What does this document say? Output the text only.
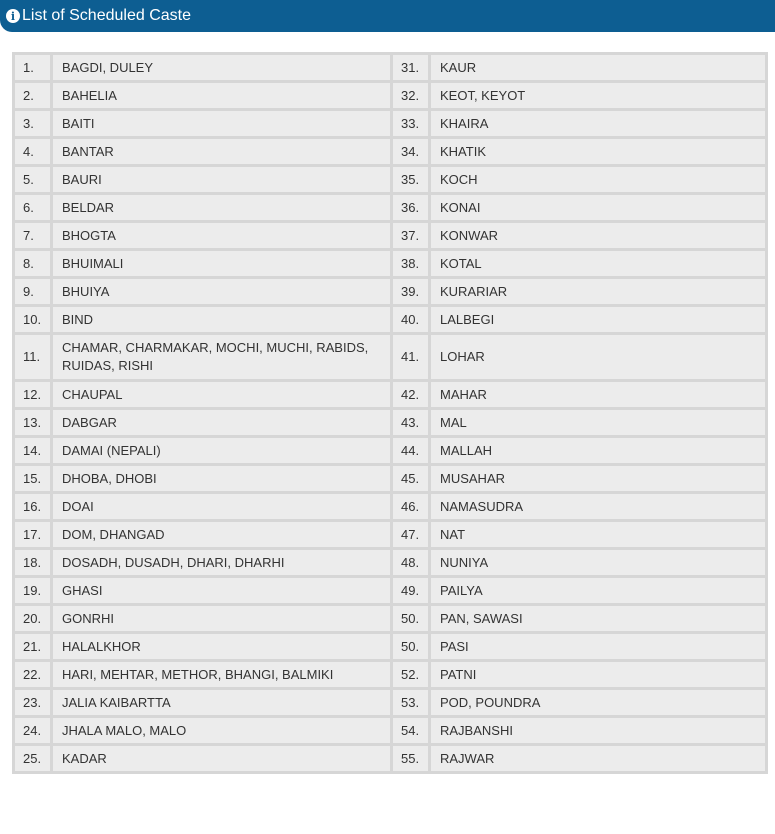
i List of Scheduled Caste
1.	BAGDI, DULEY	31.	KAUR
2.	BAHELIA	32.	KEOT, KEYOT
3.	BAITI	33.	KHAIRA
4.	BANTAR	34.	KHATIK
5.	BAURI	35.	KOCH
6.	BELDAR	36.	KONAI
7.	BHOGTA	37.	KONWAR
8.	BHUIMALI	38.	KOTAL
9.	BHUIYA	39.	KURARIAR
10.	BIND	40.	LALBEGI
11.	CHAMAR, CHARMAKAR, MOCHI, MUCHI, RABIDS, RUIDAS, RISHI	41.	LOHAR
12.	CHAUPAL	42.	MAHAR
13.	DABGAR	43.	MAL
14.	DAMAI (NEPALI)	44.	MALLAH
15.	DHOBA, DHOBI	45.	MUSAHAR
16.	DOAI	46.	NAMASUDRA
17.	DOM, DHANGAD	47.	NAT
18.	DOSADH, DUSADH, DHARI, DHARHI	48.	NUNIYA
19.	GHASI	49.	PAILYA
20.	GONRHI	50.	PAN, SAWASI
21.	HALALKHOR	50.	PASI
22.	HARI, MEHTAR, METHOR, BHANGI, BALMIKI	52.	PATNI
23.	JALIA KAIBARTTA	53.	POD, POUNDRA
24.	JHALA MALO, MALO	54.	RAJBANSHI
25.	KADAR	55.	RAJWAR
